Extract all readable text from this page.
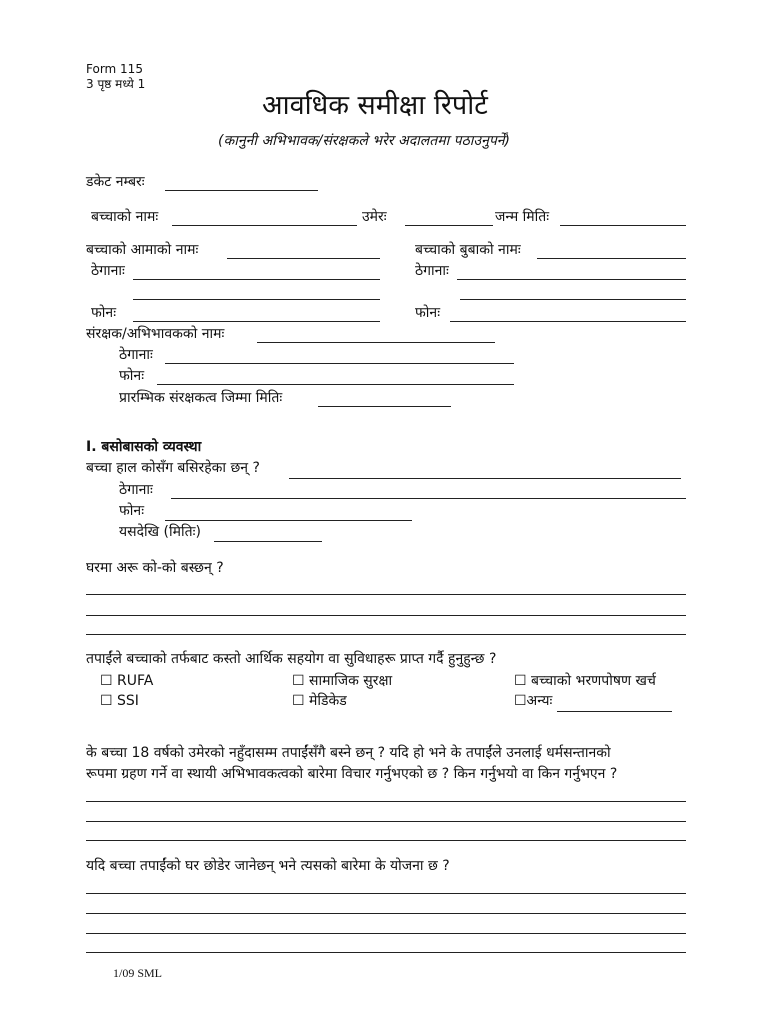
Form 115
3 पृष्ठ मध्ये 1
आवधिक समीक्षा रिपोर्ट
(कानुनी अभिभावक/संरक्षकले भरेर अदालतमा पठाउनुपर्ने)
डकेट नम्बरः
बच्चाको नामः	उमेरः	जन्म मितिः
बच्चाको आमाको नामः	बच्चाको बुबाको नामः
ठेगानाः	ठेगानाः
फोनः	फोनः
संरक्षक/अभिभावकको नामः
ठेगानाः
फोनः
प्रारम्भिक संरक्षकत्व जिम्मा मितिः
I. बसोबासको व्यवस्था
बच्चा हाल कोसँग बसिरहेका छन् ?
ठेगानाः
फोनः
यसदेखि (मितिः)
घरमा अरू को-को बस्छन् ?
तपाईंले बच्चाको तर्फबाट कस्तो आर्थिक सहयोग वा सुविधाहरू प्राप्त गर्दै हुनुहुन्छ ?
☐ RUFA	☐ सामाजिक सुरक्षा	☐ बच्चाको भरणपोषण खर्च
☐ SSI	☐ मेडिकेड	☐अन्यः
के बच्चा 18 वर्षको उमेरको नहुँदासम्म तपाईंसँगै बस्ने छन् ? यदि हो भने के तपाईंले उनलाई धर्मसन्तानको
रूपमा ग्रहण गर्ने वा स्थायी अभिभावकत्वको बारेमा विचार गर्नुभएको छ ? किन गर्नुभयो वा किन गर्नुभएन ?
यदि बच्चा तपाईंको घर छोडेर जानेछन् भने त्यसको बारेमा के योजना छ ?
1/09 SML
